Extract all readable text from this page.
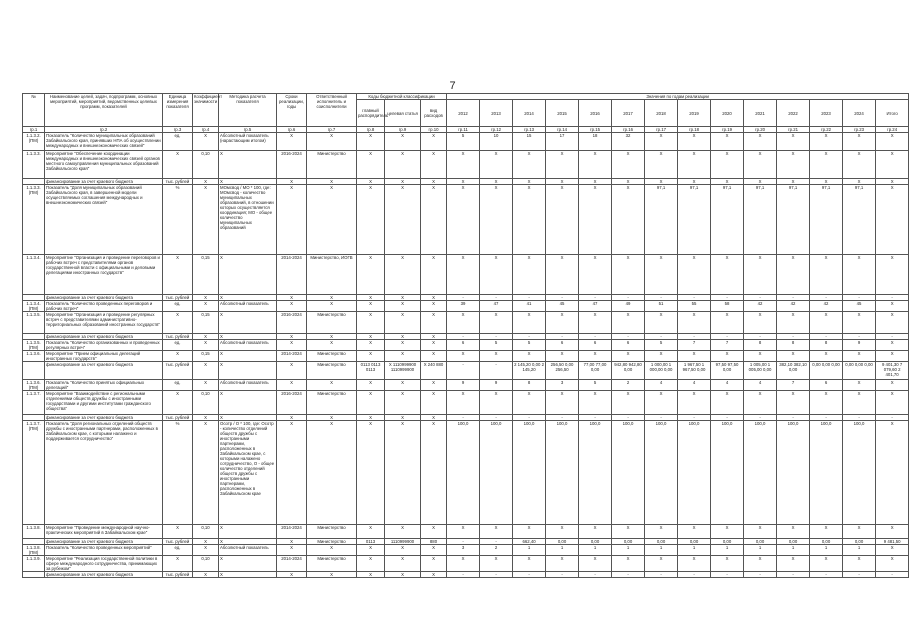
7
№	Наименование целей, задач, подпрограмм, основных мероприятий, мероприятий, ведомственных целевых программ, показателей	Единица измерения показателя	Коэффициент значимости	Методика расчета показателя	Сроки реализации, годы	Ответственный исполнитель и соисполнители	Коды бюджетной классификации			Значения по годам реализации													
							главный распорядитель	целевая статья	вид расходов	2012	2013	2014	2015	2016	2017	2018	2019	2020	2021	2022	2023	2024	Итого
гр.1	гр.2	гр.3	гр.4	гр.5	гр.6	гр.7	гр.8	гр.9	гр.10	гр.11	гр.12	гр.13	гр.14	гр.15	гр.16	гр.17	гр.18	гр.19	гр.20	гр.21	гр.22	гр.23	гр.24
1.1.3.2. (ПМ)	Показатель "Количество муниципальных образований Забайкальского края, принявших НПА об осуществлении международных и внешнеэкономических связей"	ед.	X	Абсолютный показатель (нарастающим итогом)	X	X	X	X	X	5	10	15	17	18	32	X	X	X	X	X	X	X	X
1.1.3.3.	Мероприятие "Обеспечение координации международных и внешнеэкономических связей органов местного самоуправления муниципальных образований Забайкальского края"	X	0,10	X	2016-2024	Министерство	X	X	X	X	X	X	X	X	X	X	X	X	X	X	X	X	X
	финансирование за счет краевого бюджета	тыс. рублей	X	X	X	X	X	X	X	X	X	X	X	X	X	X	X	X	X	X	X	X	X
1.1.3.3. (ПМ)	Показатель "Доля муниципальных образований Забайкальского края, в завершенной модели осуществляемых соглашения международных и внешнеэкономических связей"	%	X	МОмсвод / МО * 100, где: МОмсвод - количество муниципальных образований, в отношении которых осуществляется координация; МО - общее количество муниципальных образований	X	X	X	X	X	X	X	X	X	X	X	97,1	97,1	97,1	97,1	97,1	97,1	97,1	X
1.1.3.4.	Мероприятие "Организация и проведение переговоров и рабочих встреч с представителями органов государственной власти с официальными и деловыми делегациями иностранных государств"	X	0,15	X	2014-2024	Министерство, ИОГВ	X	X	X	X	X	X	X	X	X	X	X	X	X	X	X	X	X
	финансирование за счет краевого бюджета	тыс. рублей	X	X	X	X	X	X	X	-	-	-	-	-	-	-	-	-	-	-	-	-	-
1.1.3.4. (ПМ)	Показатель "Количество проведенных переговоров и рабочих встреч"	ед.	X	Абсолютный показатель	X	X	X	X	X	39	47	41	45	47	49	51	55	58	42	42	42	45	X
1.1.3.5.	Мероприятие "Организация и проведение регулярных встреч с представителями административно-территориальных образований иностранных государств"	X	0,15	X	2016-2024	Министерство	X	X	X	X	X	X	X	X	X	X	X	X	X	X	X	X	X
	финансирование за счет краевого бюджета	тыс. рублей	X	X	X	X	X	X	X	-	-	-	-	-	-	-	-	-	-	-	-	-	-
1.1.3.5. (ПМ)	Показатель "Количество организованных и проведенных регулярных встреч"	ед.	X	Абсолютный показатель	X	X	X	X	X	6	5	5	6	6	6	5	7	7	8	8	8	9	X
1.1.3.6.	Мероприятие "Прием официальных делегаций иностранных государств"	X	0,15	X	2014-2024	Министерство	X	X	X	X	X	X	X	X	X	X	X	X	X	X	X	X	X
	финансирование за счет краевого бюджета	тыс. рублей	X	X	X	Министерство	0113 0113 0113	X 1110999900 1110999900	X 240 880	-	-	2 145,20 0,00 2 145,20	256,50 0,00 256,50	77,00 77,00 0,00	942,80 942,80 0,00	1 000,00 1 000,00 0,00	1 967,50 1 967,50 0,00	97,50 97,50 0,00	1 005,00 1 005,00 0,00	382,10 382,10 0,00	0,00 0,00 0,00	0,00 0,00 0,00	9 401,30 7 079,60 2 401,70
1.1.3.6. (ПМ)	Показатель "Количество принятых официальных делегаций"	ед.	X	Абсолютный показатель	X	X	X	X	X	9	9	8	3	5	2	4	4	4	4	7	6	X	X
1.1.3.7.	Мероприятие "Взаимодействие с региональными отделениями обществ дружбы с иностранными государствами и другими институтами гражданского общества"	X	0,10	X	2016-2024	Министерство	X	X	X	X	X	X	X	X	X	X	X	X	X	X	X	X	X
	финансирование за счет краевого бюджета	тыс. рублей	X	X	X	X	X	X	X	-	-	-	-	-	-	-	-	-	-	-	-	-	-
1.1.3.7. (ПМ)	Показатель "Доля региональных отделений обществ дружбы с иностранными партнерами, расположенных в Забайкальском крае, с которыми налажено и поддерживается сотрудничество"	%	X	Осотр / О * 100, где: Осотр - количество отделений обществ дружбы с иностранными партнерами, расположенных в Забайкальском крае, с которыми налажено сотрудничество, О - общее количество отделений обществ дружбы с иностранными партнерами, расположенных в Забайкальском крае	X	X	X	X	X	100,0	100,0	100,0	100,0	100,0	100,0	100,0	100,0	100,0	100,0	100,0	100,0	100,0	X
1.1.3.8.	Мероприятие "Проведение международной научно-практических мероприятий в Забайкальском крае"	X	0,10	X	2014-2024	Министерство	X	X	X	X	X	X	X	X	X	X	X	X	X	X	X	X	X
	финансирование за счет краевого бюджета	тыс. рублей	X	X	X	Министерство	0113	1110999900	880	-	-	662,40	0,00	0,00	0,00	0,00	0,00	0,00	0,00	0,00	0,00	0,00	9 481,50
1.1.3.8. (ПМ)	Показатель "Количество проведенных мероприятий"	ед.	X	Абсолютный показатель	X	X	X	X	X	3	2	1	1	1	1	1	1	1	1	1	1	1	X
1.1.3.9.	Мероприятие "Реализация государственной политики в сфере международного сотрудничества, принимающих за рубежом"	X	0,10	X	2014-2024	Министерство	X	X	X	X	X	X	X	X	X	X	X	X	X	X	X	X	X
	финансирование за счет краевого бюджета	тыс. рублей	X	X	X	X	X	X	X	-	-	-	-	-	-	-	-	-	-	-	-	-	-
